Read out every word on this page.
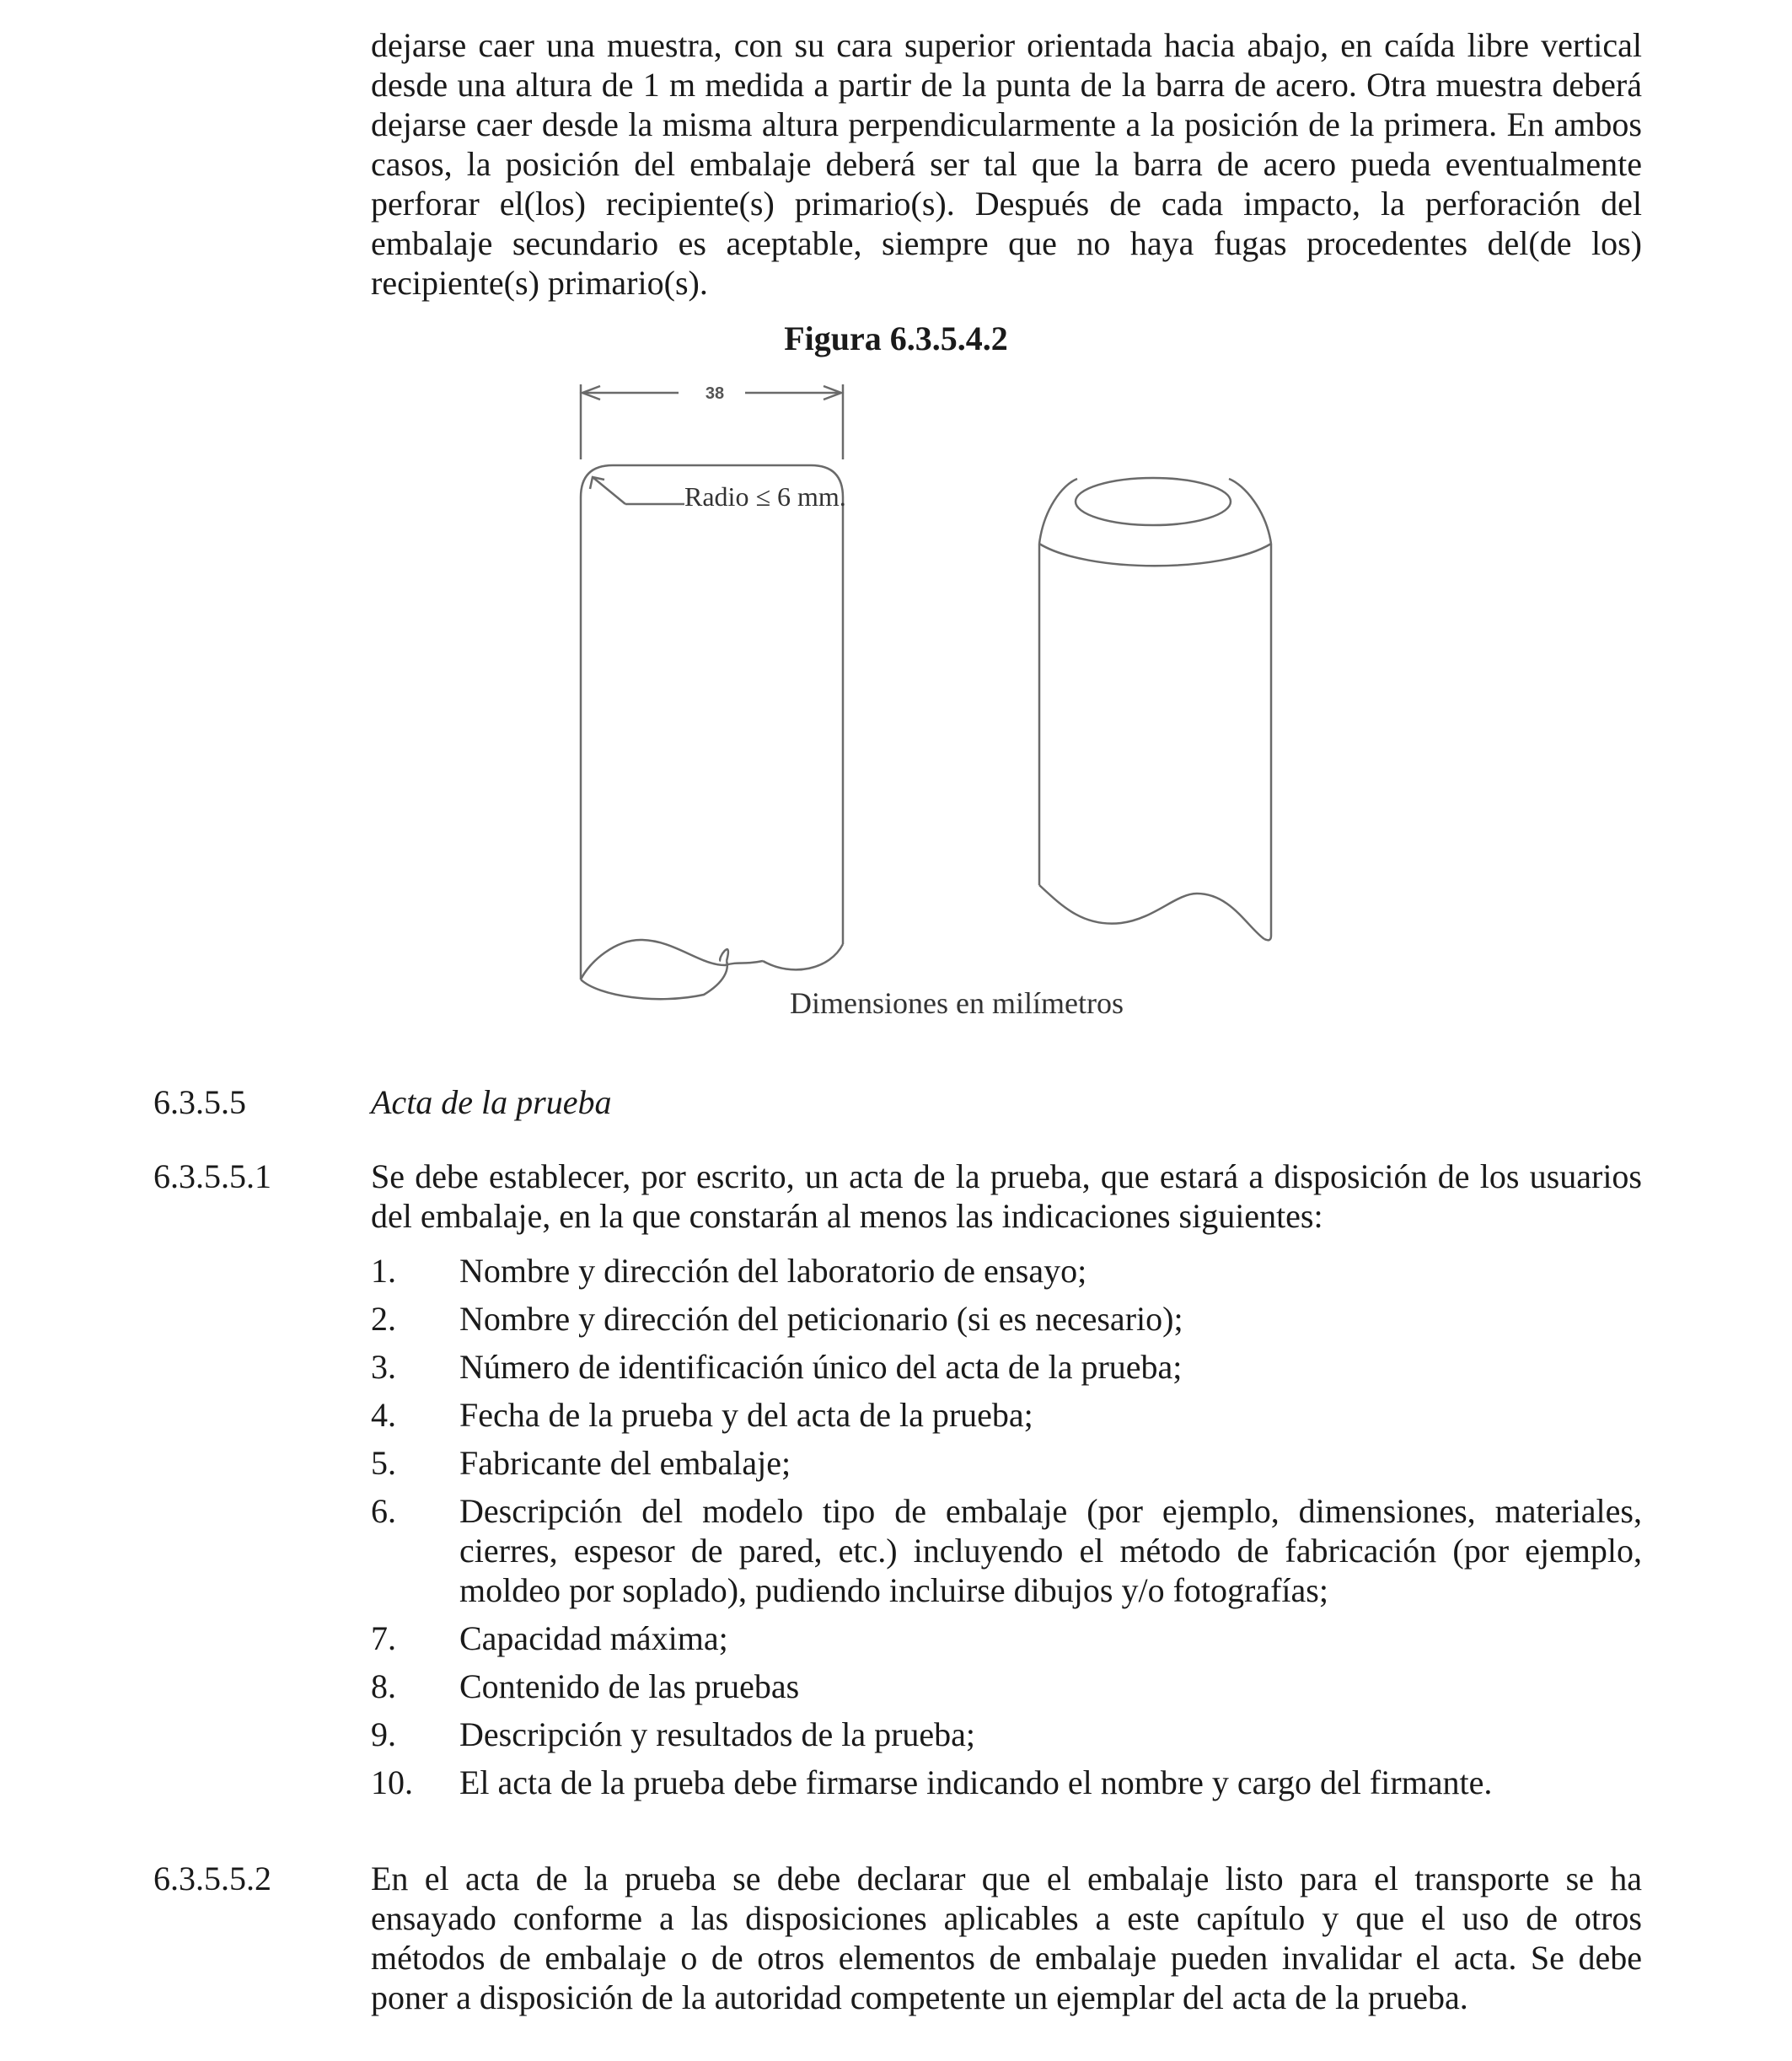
dejarse caer una muestra, con su cara superior orientada hacia abajo, en caída libre vertical desde una altura de 1 m medida a partir de la punta de la barra de acero. Otra muestra deberá dejarse caer desde la misma altura perpendicularmente a la posición de la primera. En ambos casos, la posición del embalaje deberá ser tal que la barra de acero pueda eventualmente perforar el(los) recipiente(s) primario(s). Después de cada impacto, la perforación del embalaje secundario es aceptable, siempre que no haya fugas procedentes del(de los) recipiente(s) primario(s).

Figura 6.3.5.4.2
38
Radio ≤ 6 mm.
Dimensiones en milímetros

6.3.5.5	Acta de la prueba

6.3.5.5.1	Se debe establecer, por escrito, un acta de la prueba, que estará a disposición de los usuarios del embalaje, en la que constarán al menos las indicaciones siguientes:

1. Nombre y dirección del laboratorio de ensayo;
2. Nombre y dirección del peticionario (si es necesario);
3. Número de identificación único del acta de la prueba;
4. Fecha de la prueba y del acta de la prueba;
5. Fabricante del embalaje;
6. Descripción del modelo tipo de embalaje (por ejemplo, dimensiones, materiales, cierres, espesor de pared, etc.) incluyendo el método de fabricación (por ejemplo, moldeo por soplado), pudiendo incluirse dibujos y/o fotografías;
7. Capacidad máxima;
8. Contenido de las pruebas
9. Descripción y resultados de la prueba;
10. El acta de la prueba debe firmarse indicando el nombre y cargo del firmante.

6.3.5.5.2	En el acta de la prueba se debe declarar que el embalaje listo para el transporte se ha ensayado conforme a las disposiciones aplicables a este capítulo y que el uso de otros métodos de embalaje o de otros elementos de embalaje pueden invalidar el acta. Se debe poner a disposición de la autoridad competente un ejemplar del acta de la prueba.
